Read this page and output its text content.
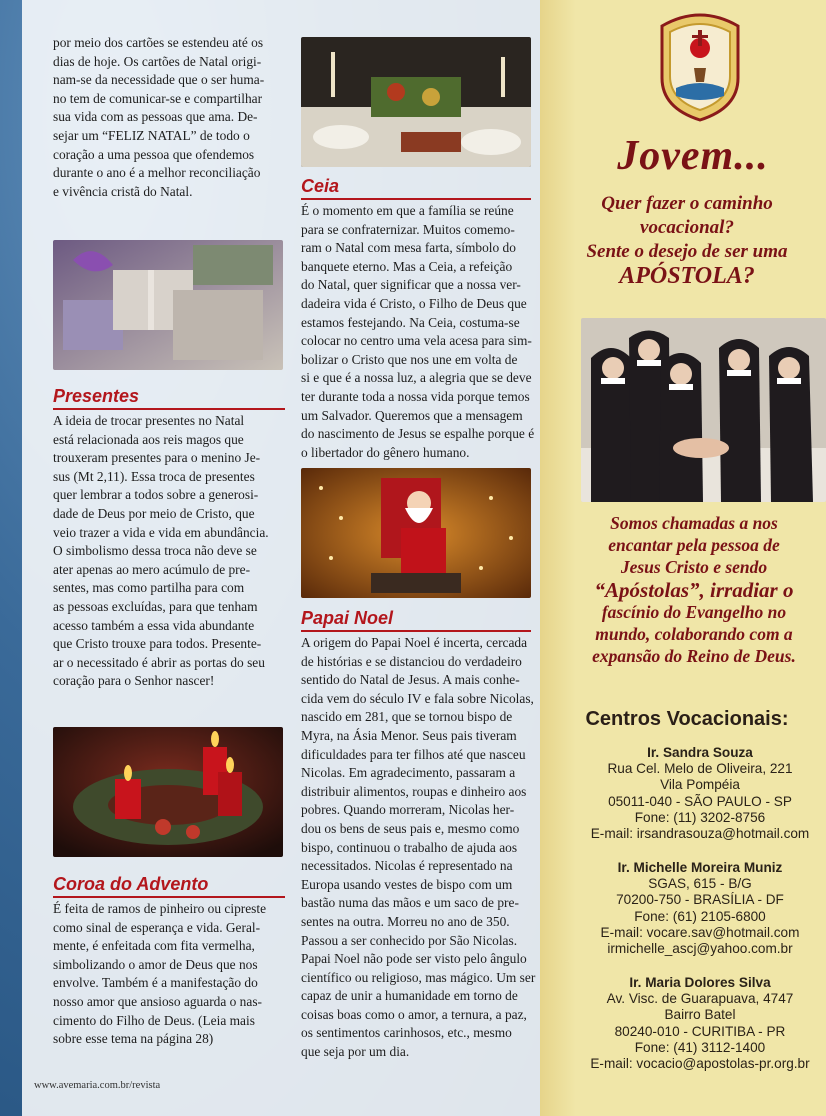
por meio dos cartões se estendeu até os
dias de hoje. Os cartões de Natal origi-
nam-se da necessidade que o ser huma-
no tem de comunicar-se e compartilhar
sua vida com as pessoas que ama. De-
sejar um “FELIZ NATAL” de todo o
coração a uma pessoa que ofendemos
durante o ano é a melhor reconciliação
e vivência cristã do Natal.

Presentes

A ideia de trocar presentes no Natal
está relacionada aos reis magos que
trouxeram presentes para o menino Je-
sus (Mt 2,11). Essa troca de presentes
quer lembrar a todos sobre a generosi-
dade de Deus por meio de Cristo, que
veio trazer a vida e vida em abundância.
O simbolismo dessa troca não deve se
ater apenas ao mero acúmulo de pre-
sentes, mas como partilha para com
as pessoas excluídas, para que tenham
acesso também a essa vida abundante
que Cristo trouxe para todos. Presente-
ar o necessitado é abrir as portas do seu
coração para o Senhor nascer!

Coroa do Advento

É feita de ramos de pinheiro ou cipreste
como sinal de esperança e vida. Geral-
mente, é enfeitada com fita vermelha,
simbolizando o amor de Deus que nos
envolve. Também é a manifestação do
nosso amor que ansioso aguarda o nas-
cimento do Filho de Deus. (Leia mais
sobre esse tema na página 28)

Ceia

É o momento em que a família se reúne
para se confraternizar. Muitos comemo-
ram o Natal com mesa farta, símbolo do
banquete eterno. Mas a Ceia, a refeição
do Natal, quer significar que a nossa ver-
dadeira vida é Cristo, o Filho de Deus que
estamos festejando. Na Ceia, costuma-se
colocar no centro uma vela acesa para sim-
bolizar o Cristo que nos une em volta de
si e que é a nossa luz, a alegria que se deve
ter durante toda a nossa vida porque temos
um Salvador. Queremos que a mensagem
do nascimento de Jesus se espalhe porque é
o libertador do gênero humano.

Papai Noel

A origem do Papai Noel é incerta, cercada
de histórias e se distanciou do verdadeiro
sentido do Natal de Jesus. A mais conhe-
cida vem do século IV e fala sobre Nicolas,
nascido em 281, que se tornou bispo de
Myra, na Ásia Menor. Seus pais tiveram
dificuldades para ter filhos até que nasceu
Nicolas. Em agradecimento, passaram a
distribuir alimentos, roupas e dinheiro aos
pobres. Quando morreram, Nicolas her-
dou os bens de seus pais e, mesmo como
bispo, continuou o trabalho de ajuda aos
necessitados. Nicolas é representado na
Europa usando vestes de bispo com um
bastão numa das mãos e um saco de pre-
sentes na outra. Morreu no ano de 350.
Passou a ser conhecido por São Nicolas.
Papai Noel não pode ser visto pelo ângulo
científico ou religioso, mas mágico. Um ser
capaz de unir a humanidade em torno de
coisas boas como o amor, a ternura, a paz,
os sentimentos carinhosos, etc., mesmo
que seja por um dia.

www.avemaria.com.br/revista
Jovem...
Quer fazer o caminho
vocacional?
Sente o desejo de ser uma
APÓSTOLA?
Somos chamadas a nos
encantar pela pessoa de
Jesus Cristo e sendo
“Apóstolas”, irradiar o
fascínio do Evangelho no
mundo, colaborando com a
expansão do Reino de Deus.
Centros Vocacionais:
Ir. Sandra Souza
Rua Cel. Melo de Oliveira, 221
Vila Pompéia
05011-040 - SÃO PAULO - SP
Fone: (11) 3202-8756
E-mail: irsandrasouza@hotmail.com
Ir. Michelle Moreira Muniz
SGAS, 615 - B/G
70200-750 - BRASÍLIA - DF
Fone: (61) 2105-6800
E-mail: vocare.sav@hotmail.com
irmichelle_ascj@yahoo.com.br
Ir. Maria Dolores Silva
Av. Visc. de Guarapuava, 4747
Bairro Batel
80240-010 - CURITIBA - PR
Fone: (41) 3112-1400
E-mail: vocacio@apostolas-pr.org.br
